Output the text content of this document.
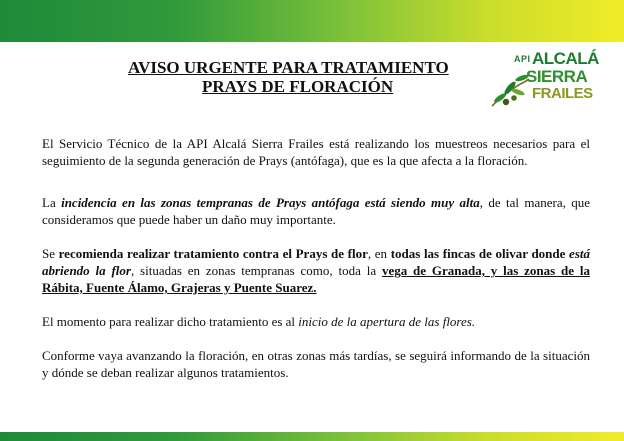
AVISO URGENTE PARA TRATAMIENTO
PRAYS DE FLORACIÓN
API ALCALÁ
SIERRA
FRAILES

El Servicio Técnico de la API Alcalá Sierra Frailes está realizando los muestreos necesarios para el seguimiento de la segunda generación de Prays (antófaga), que es la que afecta a la floración.

La incidencia en las zonas tempranas de Prays antófaga está siendo muy alta, de tal manera, que consideramos que puede haber un daño muy importante.

Se recomienda realizar tratamiento contra el Prays de flor, en todas las fincas de olivar donde está abriendo la flor, situadas en zonas tempranas como, toda la vega de Granada, y las zonas de la Rábita, Fuente Álamo, Grajeras y Puente Suarez.

El momento para realizar dicho tratamiento es al inicio de la apertura de las flores.

Conforme vaya avanzando la floración, en otras zonas más tardías, se seguirá informando de la situación y dónde se deban realizar algunos tratamientos.
